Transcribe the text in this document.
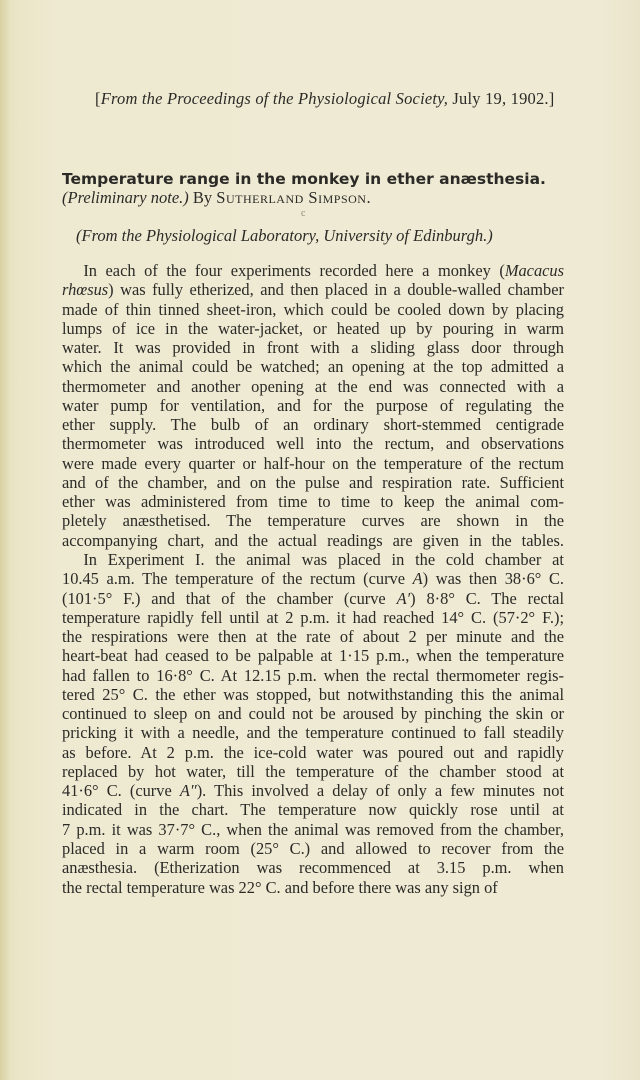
[From the Proceedings of the Physiological Society, July 19, 1902.]
Temperature range in the monkey in ether anæsthesia.
(Preliminary note.) By Sutherland Simpson.
c
(From the Physiological Laboratory, University of Edinburgh.)
In each of the four experiments recorded here a monkey (Macacus
rhœsus) was fully etherized, and then placed in a double-walled chamber
made of thin tinned sheet-iron, which could be cooled down by placing
lumps of ice in the water-jacket, or heated up by pouring in warm
water. It was provided in front with a sliding glass door through
which the animal could be watched; an opening at the top admitted a
thermometer and another opening at the end was connected with a
water pump for ventilation, and for the purpose of regulating the
ether supply. The bulb of an ordinary short-stemmed centigrade
thermometer was introduced well into the rectum, and observations
were made every quarter or half-hour on the temperature of the rectum
and of the chamber, and on the pulse and respiration rate. Sufficient
ether was administered from time to time to keep the animal com-
pletely anæsthetised. The temperature curves are shown in the
accompanying chart, and the actual readings are given in the tables.
In Experiment I. the animal was placed in the cold chamber at
10.45 a.m. The temperature of the rectum (curve A) was then 38·6° C.
(101·5° F.) and that of the chamber (curve A′) 8·8° C. The rectal
temperature rapidly fell until at 2 p.m. it had reached 14° C. (57·2° F.);
the respirations were then at the rate of about 2 per minute and the
heart-beat had ceased to be palpable at 1·15 p.m., when the temperature
had fallen to 16·8° C. At 12.15 p.m. when the rectal thermometer regis-
tered 25° C. the ether was stopped, but notwithstanding this the animal
continued to sleep on and could not be aroused by pinching the skin or
pricking it with a needle, and the temperature continued to fall steadily
as before. At 2 p.m. the ice-cold water was poured out and rapidly
replaced by hot water, till the temperature of the chamber stood at
41·6° C. (curve A″). This involved a delay of only a few minutes not
indicated in the chart. The temperature now quickly rose until at
7 p.m. it was 37·7° C., when the animal was removed from the chamber,
placed in a warm room (25° C.) and allowed to recover from the
anæsthesia. (Etherization was recommenced at 3.15 p.m. when
the rectal temperature was 22° C. and before there was any sign of
